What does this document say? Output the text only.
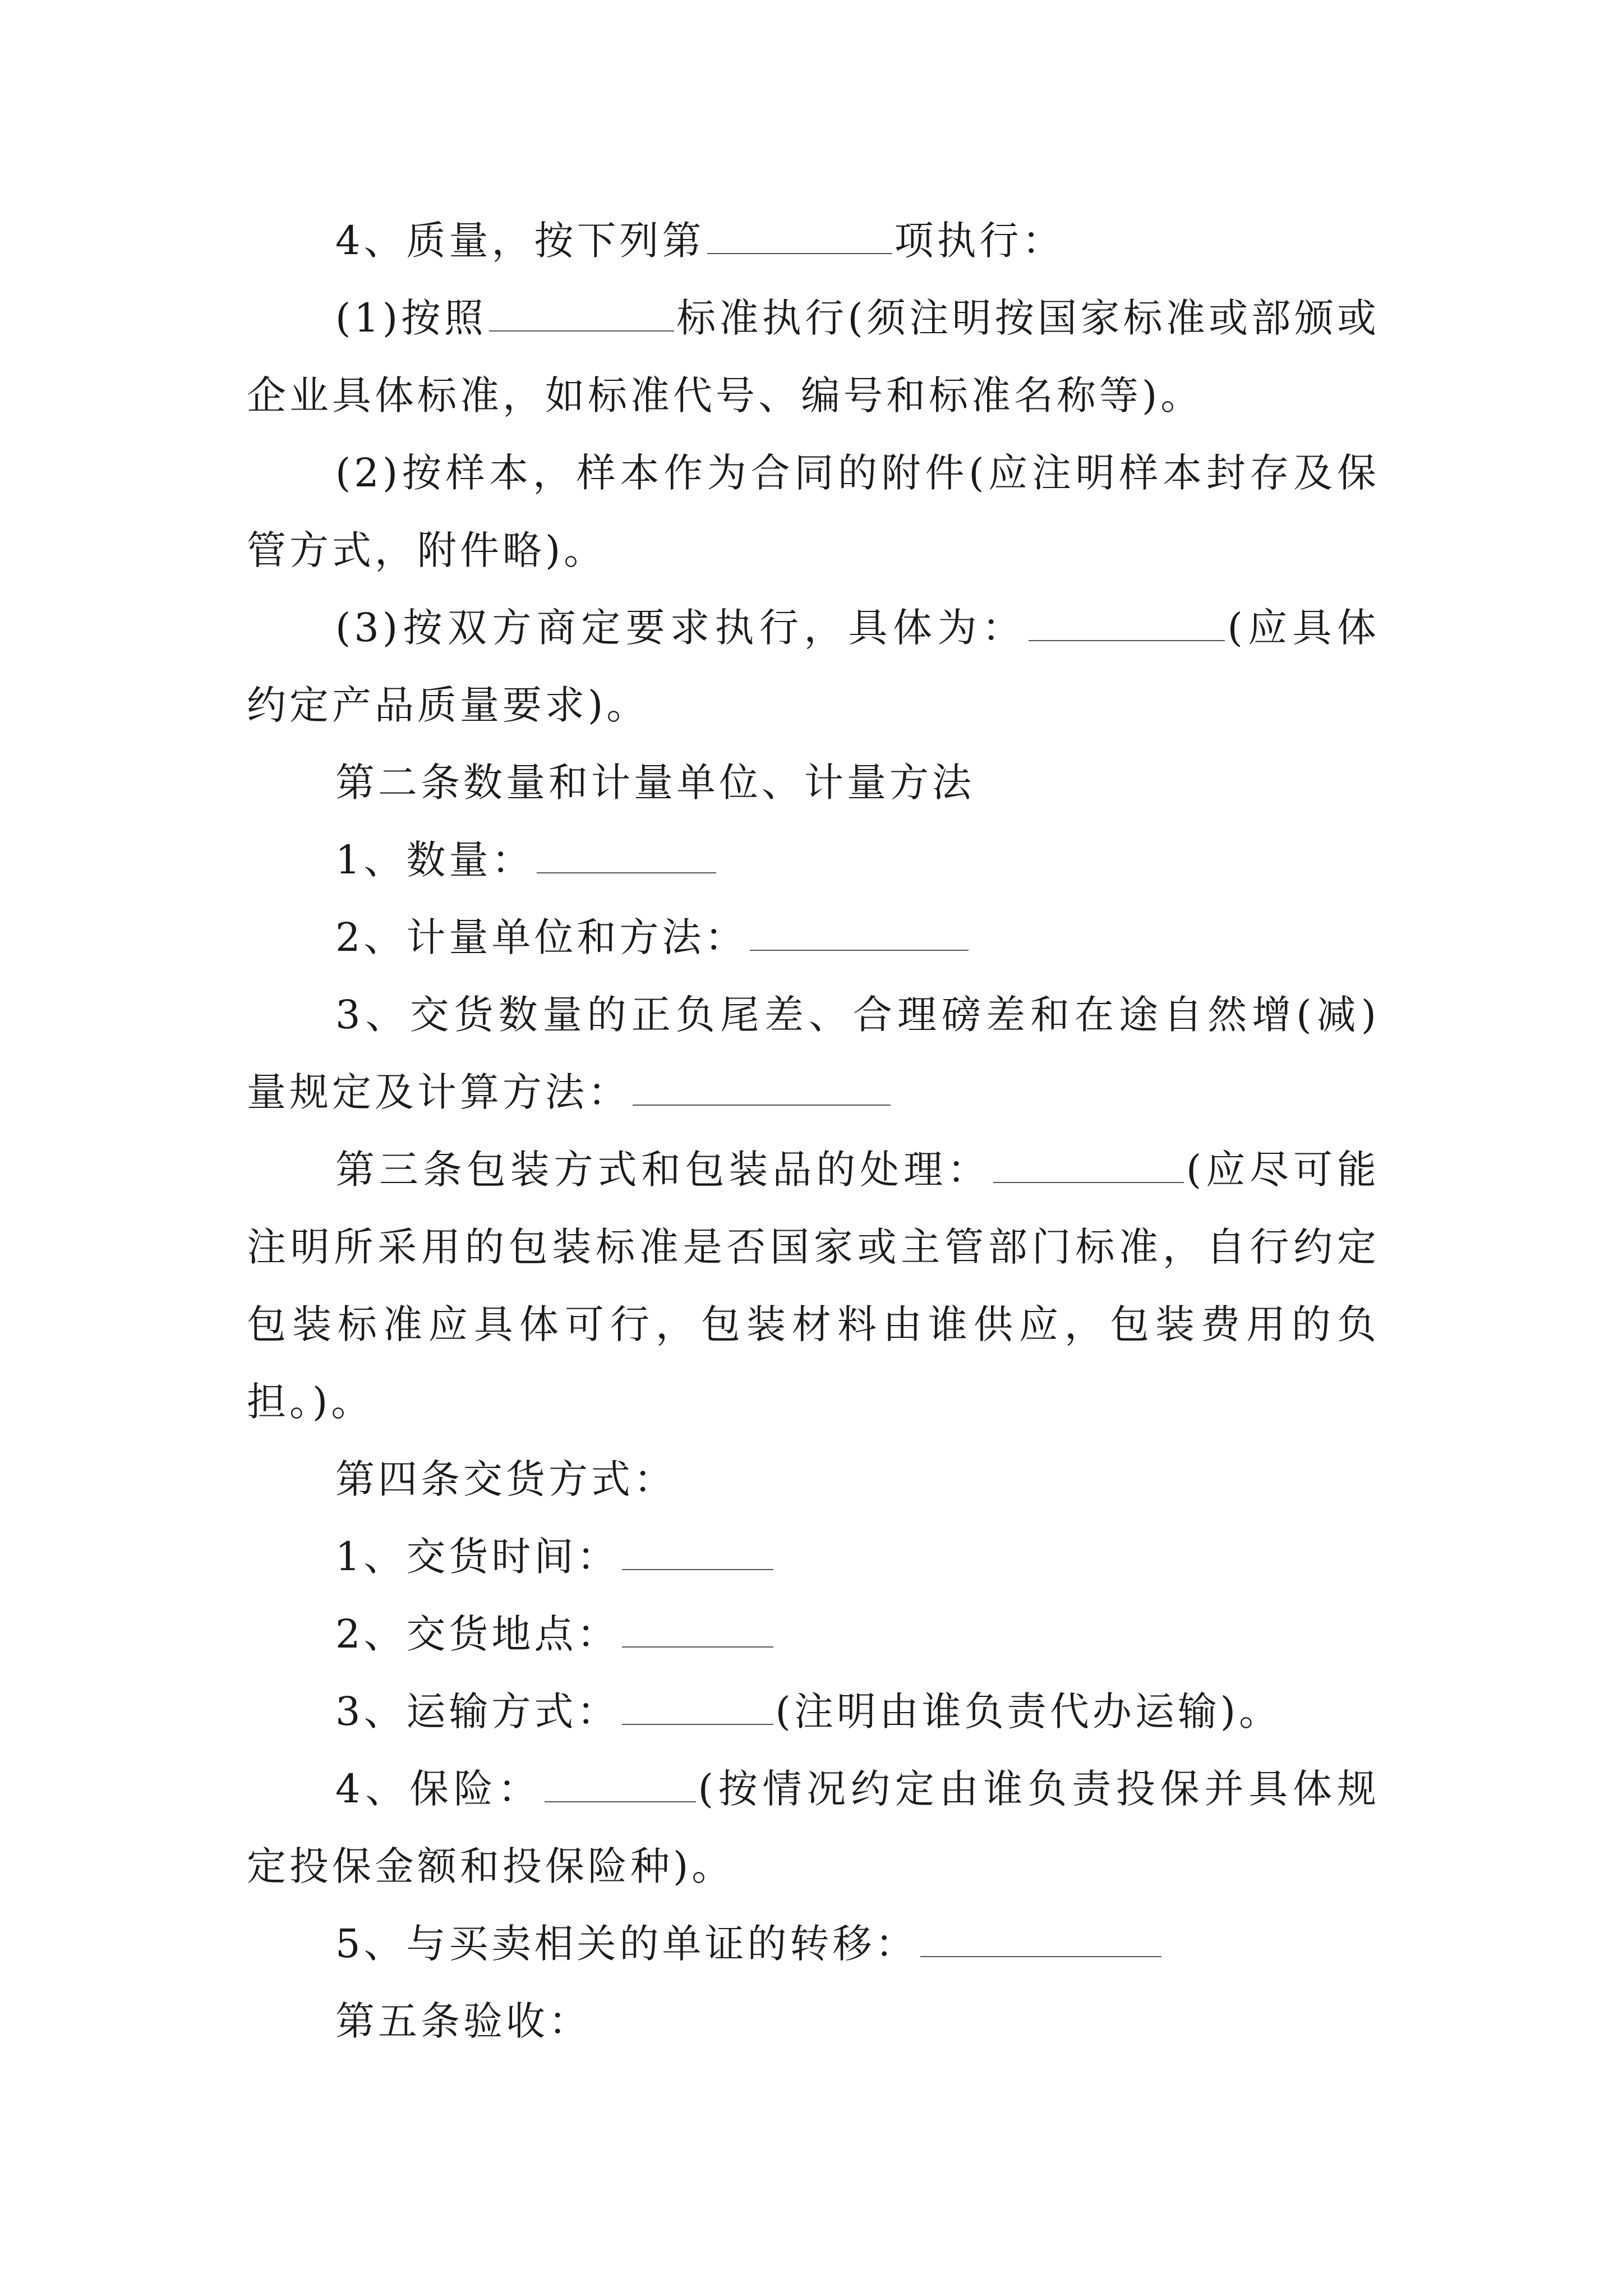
4、质量，按下列第	项执行：

(1)按照	标准执行(须注明按国家标准或部颁或企业具体标准，如标准代号、编号和标准名称等)。

(2)按样本，样本作为合同的附件(应注明样本封存及保管方式，附件略)。

(3)按双方商定要求执行，具体为：	(应具体约定产品质量要求)。

第二条数量和计量单位、计量方法

1、数量：

2、计量单位和方法：

3、交货数量的正负尾差、合理磅差和在途自然增(减)量规定及计算方法：

第三条包装方式和包装品的处理：	(应尽可能注明所采用的包装标准是否国家或主管部门标准，自行约定包装标准应具体可行，包装材料由谁供应，包装费用的负担。)。

第四条交货方式：

1、交货时间：

2、交货地点：

3、运输方式：	(注明由谁负责代办运输)。

4、保险：	(按情况约定由谁负责投保并具体规定投保金额和投保险种)。

5、与买卖相关的单证的转移：

第五条验收：
